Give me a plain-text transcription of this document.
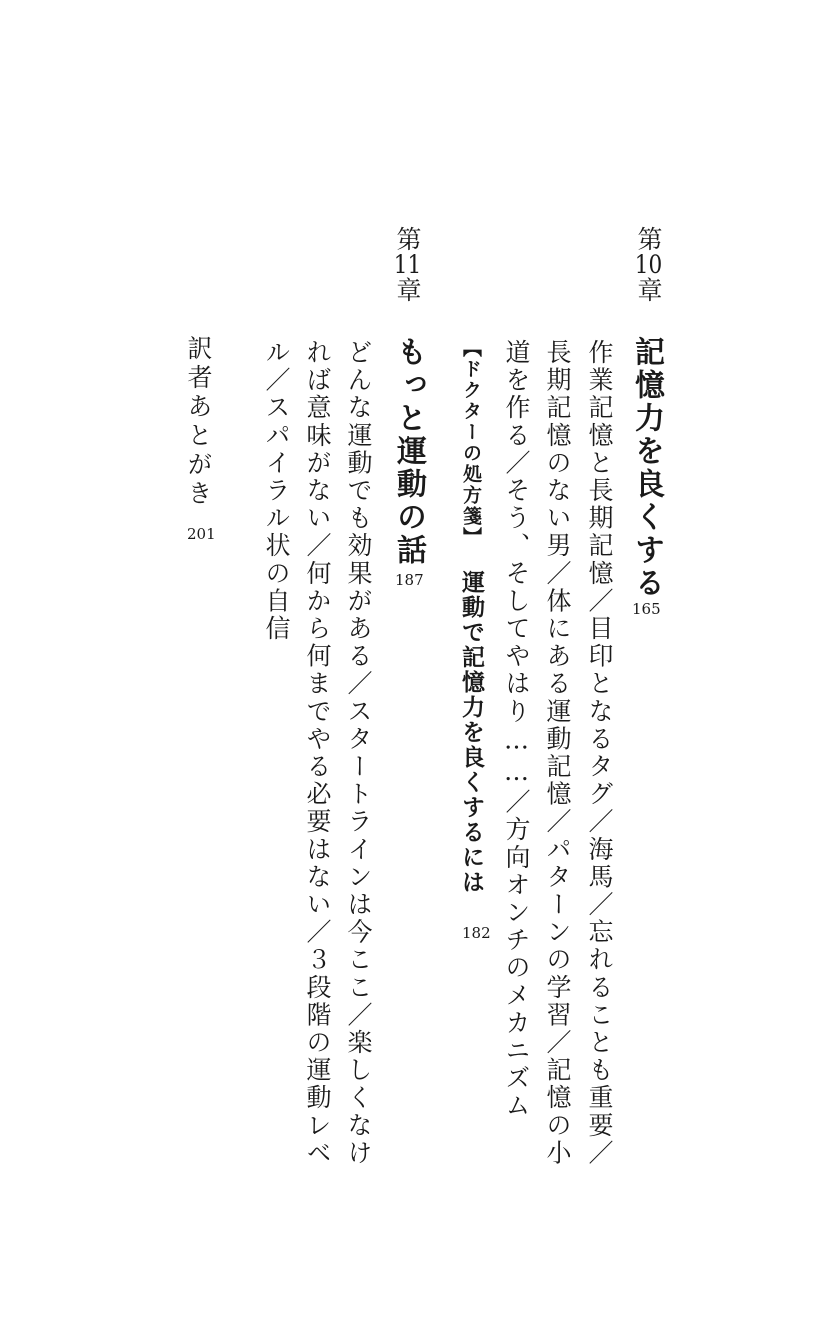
第10章
記憶力を良くする
165

作業記憶と長期記憶／目印となるタグ／海馬／忘れることも重要／

長期記憶のない男／体にある運動記憶／パターンの学習／記憶の小

道を作る／そう、そしてやはり……／方向オンチのメカニズム

【ドクターの処方箋】運動で記憶力を良くするには
182
第11章
もっと運動の話
187

どんな運動でも効果がある／スタートラインは今ここ／楽しくなけ

れば意味がない／何から何までやる必要はない／３段階の運動レベ

ル／スパイラル状の自信

訳者あとがき
201
